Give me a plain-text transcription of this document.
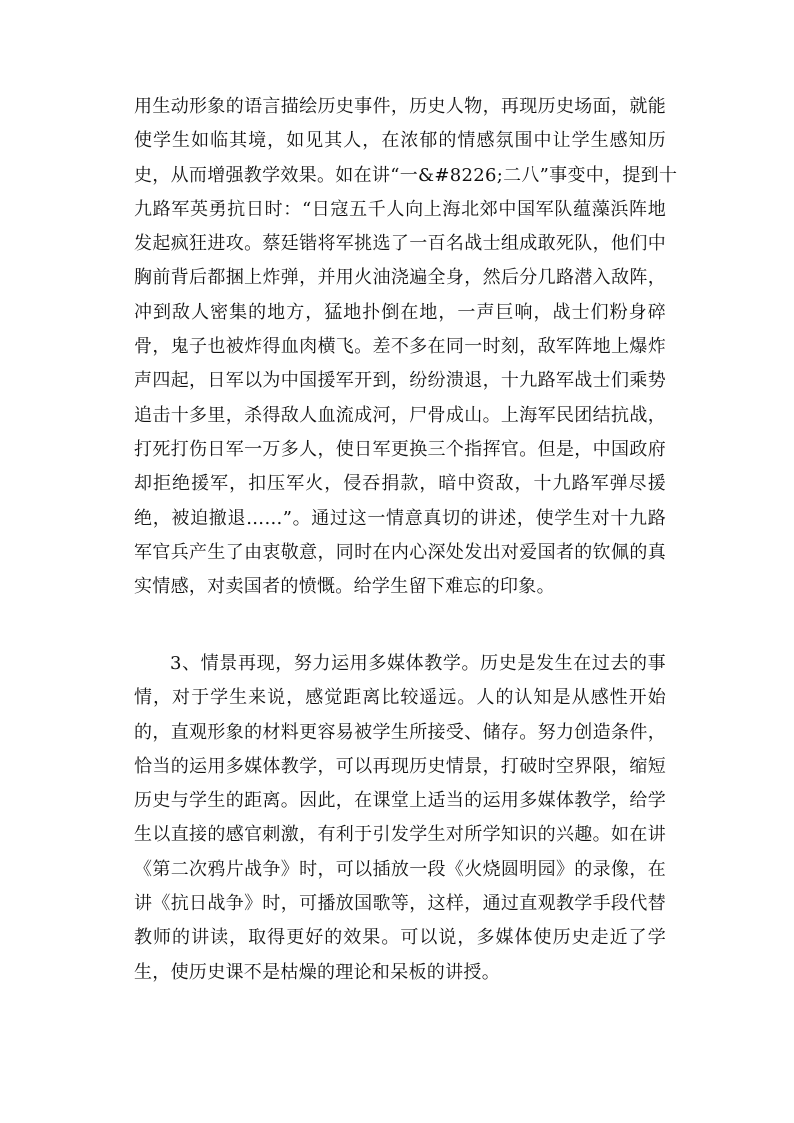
用生动形象的语言描绘历史事件，历史人物，再现历史场面，就能
使学生如临其境，如见其人，在浓郁的情感氛围中让学生感知历
史，从而增强教学效果。如在讲“一&#8226;二八”事变中，提到十
九路军英勇抗日时：“日寇五千人向上海北郊中国军队蕴藻浜阵地
发起疯狂进攻。蔡廷锴将军挑选了一百名战士组成敢死队，他们中
胸前背后都捆上炸弹，并用火油浇遍全身，然后分几路潜入敌阵，
冲到敌人密集的地方，猛地扑倒在地，一声巨响，战士们粉身碎
骨，鬼子也被炸得血肉横飞。差不多在同一时刻，敌军阵地上爆炸
声四起，日军以为中国援军开到，纷纷溃退，十九路军战士们乘势
追击十多里，杀得敌人血流成河，尸骨成山。上海军民团结抗战，
打死打伤日军一万多人，使日军更换三个指挥官。但是，中国政府
却拒绝援军，扣压军火，侵吞捐款，暗中资敌，十九路军弹尽援
绝，被迫撤退……”。通过这一情意真切的讲述，使学生对十九路
军官兵产生了由衷敬意，同时在内心深处发出对爱国者的钦佩的真
实情感，对卖国者的愤慨。给学生留下难忘的印象。
3、情景再现，努力运用多媒体教学。历史是发生在过去的事
情，对于学生来说，感觉距离比较遥远。人的认知是从感性开始
的，直观形象的材料更容易被学生所接受、储存。努力创造条件，
恰当的运用多媒体教学，可以再现历史情景，打破时空界限，缩短
历史与学生的距离。因此，在课堂上适当的运用多媒体教学，给学
生以直接的感官刺激，有利于引发学生对所学知识的兴趣。如在讲
《第二次鸦片战争》时，可以插放一段《火烧圆明园》的录像，在
讲《抗日战争》时，可播放国歌等，这样，通过直观教学手段代替
教师的讲读，取得更好的效果。可以说，多媒体使历史走近了学
生，使历史课不是枯燥的理论和呆板的讲授。
